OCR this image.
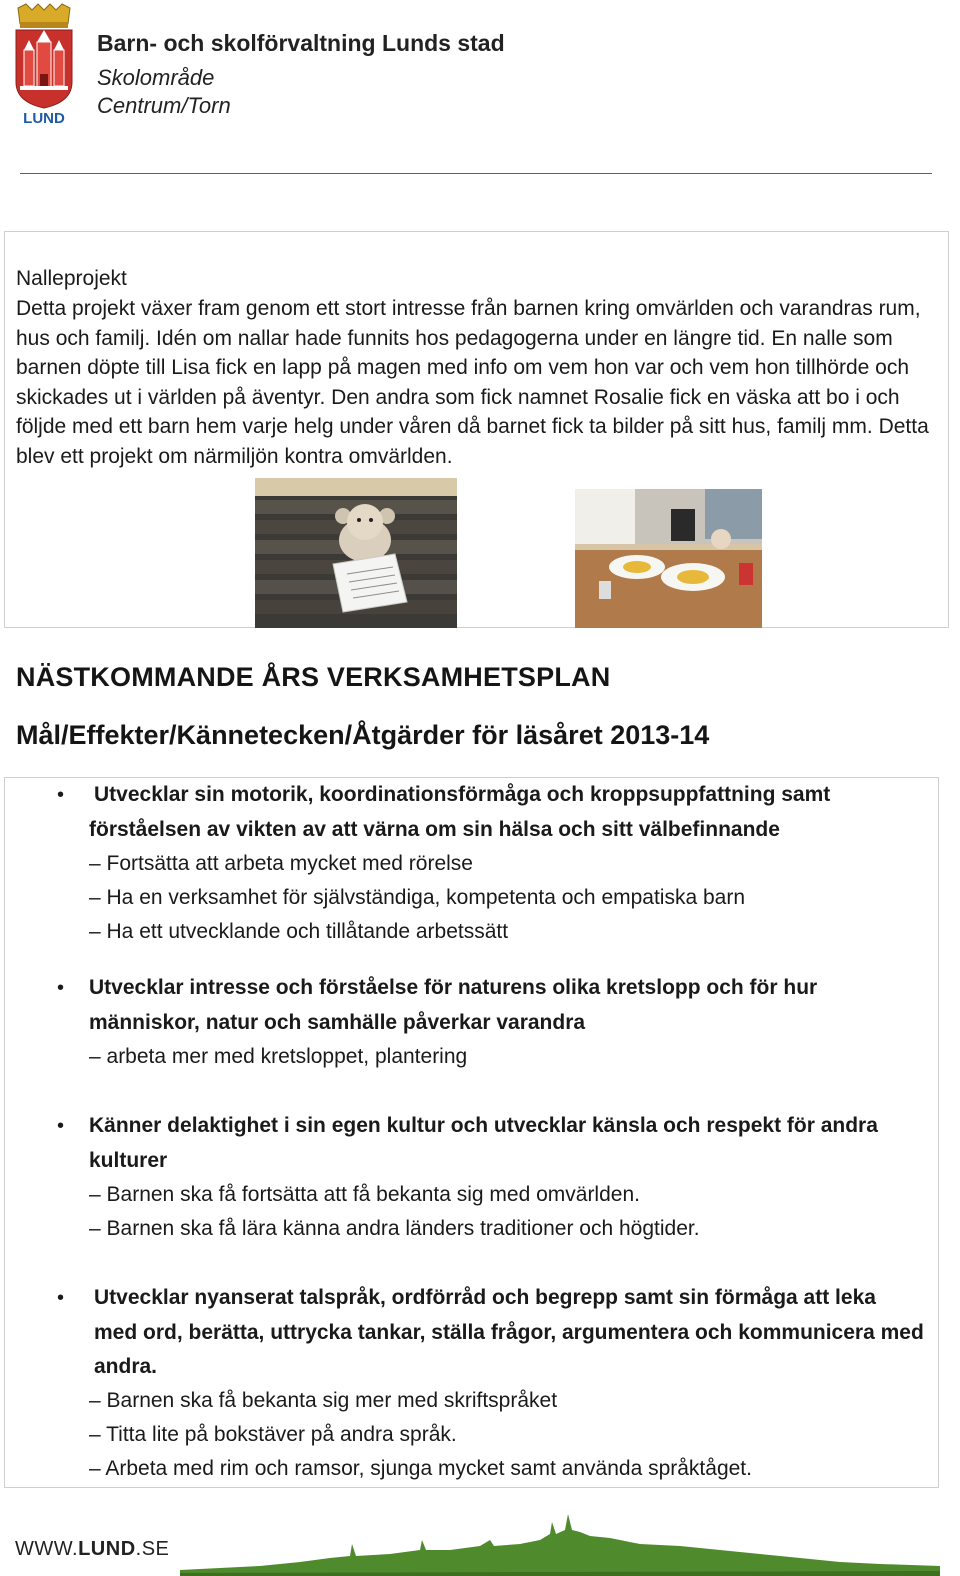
LUND
Barn- och skolförvaltning Lunds stad
Skolområde
Centrum/Torn
Nalleprojekt
Detta projekt växer fram genom ett stort intresse från barnen kring omvärlden och varandras rum, hus och familj. Idén om nallar hade funnits hos pedagogerna under en längre tid. En nalle som barnen döpte till Lisa fick en lapp på magen med info om vem hon var och vem hon tillhörde och skickades ut i världen på äventyr. Den andra som fick namnet Rosalie fick en väska att bo i och följde med ett barn hem varje helg under våren då barnet fick ta bilder på sitt hus, familj mm. Detta blev ett projekt om närmiljön kontra omvärlden.
NÄSTKOMMANDE ÅRS VERKSAMHETSPLAN
Mål/Effekter/Kännetecken/Åtgärder för läsåret 2013-14
• Utvecklar sin motorik, koordinationsförmåga och kroppsuppfattning samt förståelsen av vikten av att värna om sin hälsa och sitt välbefinnande
– Fortsätta att arbeta mycket med rörelse
– Ha en verksamhet för självständiga, kompetenta och empatiska barn
– Ha ett utvecklande och tillåtande arbetssätt
• Utvecklar intresse och förståelse för naturens olika kretslopp och för hur människor, natur och samhälle påverkar varandra
– arbeta mer med kretsloppet, plantering
• Känner delaktighet i sin egen kultur och utvecklar känsla och respekt för andra kulturer
– Barnen ska få fortsätta att få bekanta sig med omvärlden.
– Barnen ska få lära känna andra länders traditioner och högtider.
• Utvecklar nyanserat talspråk, ordförråd och begrepp samt sin förmåga att leka med ord, berätta, uttrycka tankar, ställa frågor, argumentera och kommunicera med andra.
– Barnen ska få bekanta sig mer med skriftspråket
– Titta lite på bokstäver på andra språk.
– Arbeta med rim och ramsor, sjunga mycket samt använda språktåget.
WWW.LUND.SE
